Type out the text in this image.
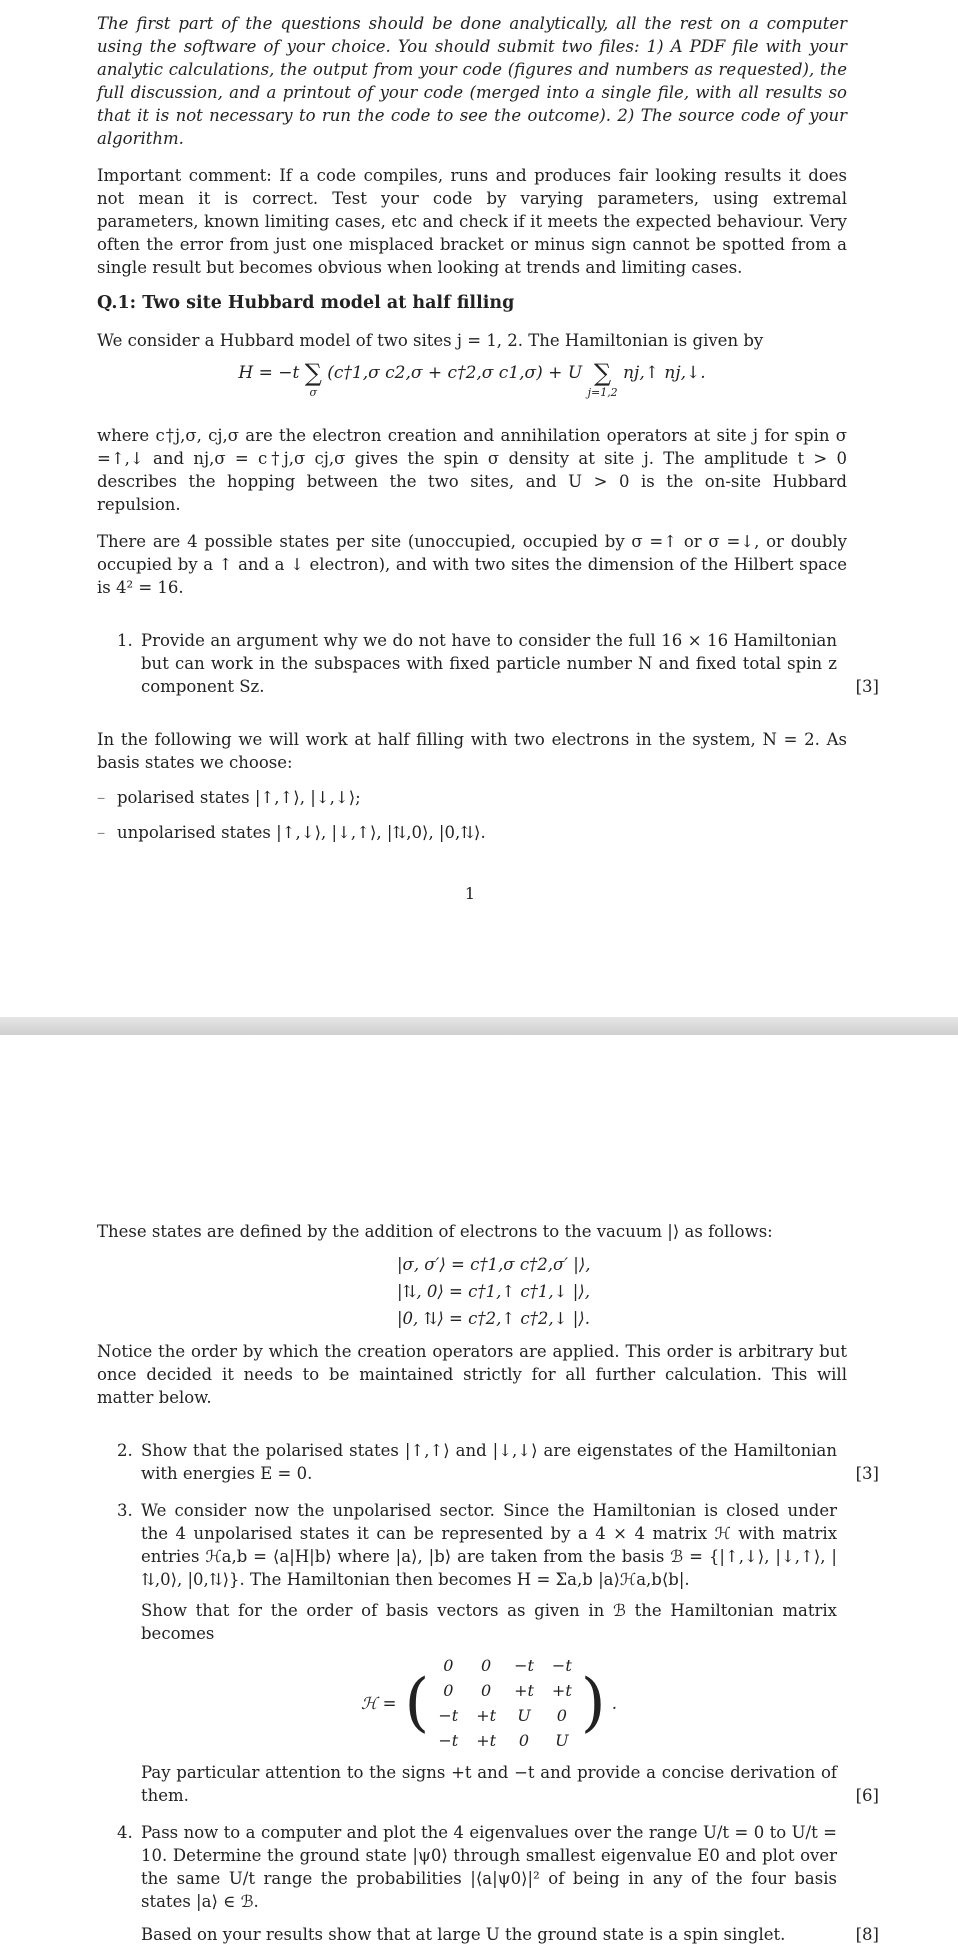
The first part of the questions should be done analytically, all the rest on a computer using the software of your choice. You should submit two files: 1) A PDF file with your analytic calculations, the output from your code (figures and numbers as requested), the full discussion, and a printout of your code (merged into a single file, with all results so that it is not necessary to run the code to see the outcome). 2) The source code of your algorithm.

Important comment: If a code compiles, runs and produces fair looking results it does not mean it is correct. Test your code by varying parameters, using extremal parameters, known limiting cases, etc and check if it meets the expected behaviour. Very often the error from just one misplaced bracket or minus sign cannot be spotted from a single result but becomes obvious when looking at trends and limiting cases.

Q.1: Two site Hubbard model at half filling

We consider a Hubbard model of two sites j = 1, 2. The Hamiltonian is given by

H = −t ∑
$^\sigma$ (c†1,σ c2,σ + c†2,σ c1,σ) + U ∑
$^{j=1,2}$ nj,↑ nj,↓.

where c†j,σ, cj,σ are the electron creation and annihilation operators at site j for spin σ =↑,↓ and nj,σ = c†j,σ cj,σ gives the spin σ density at site j. The amplitude t > 0 describes the hopping between the two sites, and U > 0 is the on-site Hubbard repulsion.

There are 4 possible states per site (unoccupied, occupied by σ =↑ or σ =↓, or doubly occupied by a ↑ and a ↓ electron), and with two sites the dimension of the Hilbert space is 4² = 16.

1. Provide an argument why we do not have to consider the full 16 × 16 Hamiltonian but can work in the subspaces with fixed particle number N and fixed total spin z component Sz.	[3]

In the following we will work at half filling with two electrons in the system, N = 2. As basis states we choose:

– polarised states |↑,↑⟩, |↓,↓⟩;
– unpolarised states |↑,↓⟩, |↓,↑⟩, |⇅,0⟩, |0,⇅⟩.
1

These states are defined by the addition of electrons to the vacuum |⟩ as follows:

|σ, σ′⟩ = c†1,σ c†2,σ′ |⟩,
|⇅, 0⟩ = c†1,↑ c†1,↓ |⟩,
|0, ⇅⟩ = c†2,↑ c†2,↓ |⟩.

Notice the order by which the creation operators are applied. This order is arbitrary but once decided it needs to be maintained strictly for all further calculation. This will matter below.

2. Show that the polarised states |↑,↑⟩ and |↓,↓⟩ are eigenstates of the Hamiltonian with energies E = 0.	[3]
3. We consider now the unpolarised sector. Since the Hamiltonian is closed under the 4 unpolarised states it can be represented by a 4 × 4 matrix ℋ with matrix entries ℋa,b = ⟨a|H|b⟩ where |a⟩, |b⟩ are taken from the basis ℬ = {|↑,↓⟩, |↓,↑⟩, |⇅,0⟩, |0,⇅⟩}. The Hamiltonian then becomes H = Σa,b |a⟩ℋa,b⟨b|.
Show that for the order of basis vectors as given in ℬ the Hamiltonian matrix becomes
ℋ = (
0	0	−t	−t
0	0	+t	+t
−t	+t	U	0
−t	+t	0	U
) .
Pay particular attention to the signs +t and −t and provide a concise derivation of them.	[6]
4. Pass now to a computer and plot the 4 eigenvalues over the range U/t = 0 to U/t = 10. Determine the ground state |ψ0⟩ through smallest eigenvalue E0 and plot over the same U/t range the probabilities |⟨a|ψ0⟩|² of being in any of the four basis states |a⟩ ∈ ℬ.
Based on your results show that at large U the ground state is a spin singlet.	[8]
